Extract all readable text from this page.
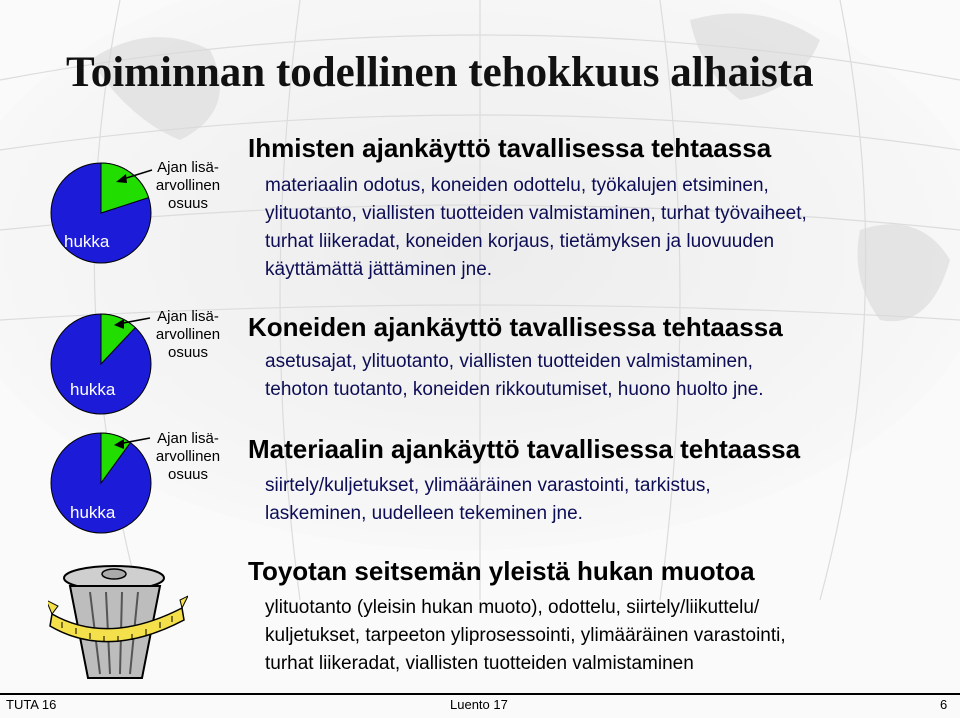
Toiminnan todellinen tehokkuus alhaista
hukka
Ajan lisä-
arvollinen
osuus
hukka
Ajan lisä-
arvollinen
osuus
hukka
Ajan lisä-
arvollinen
osuus
Ihmisten ajankäyttö tavallisessa tehtaassa
materiaalin odotus, koneiden odottelu, työkalujen etsiminen,
ylituotanto, viallisten tuotteiden valmistaminen, turhat työvaiheet,
turhat liikeradat, koneiden korjaus, tietämyksen ja luovuuden
käyttämättä jättäminen jne.
Koneiden ajankäyttö tavallisessa tehtaassa
asetusajat, ylituotanto, viallisten tuotteiden valmistaminen,
tehoton tuotanto, koneiden rikkoutumiset, huono huolto jne.
Materiaalin ajankäyttö tavallisessa tehtaassa
siirtely/kuljetukset, ylimääräinen varastointi, tarkistus,
laskeminen, uudelleen tekeminen jne.
Toyotan seitsemän yleistä hukan muotoa
ylituotanto (yleisin hukan muoto), odottelu, siirtely/liikuttelu/
kuljetukset, tarpeeton yliprosessointi, ylimääräinen varastointi,
turhat liikeradat, viallisten tuotteiden valmistaminen
TUTA 16	Luento 17	6
